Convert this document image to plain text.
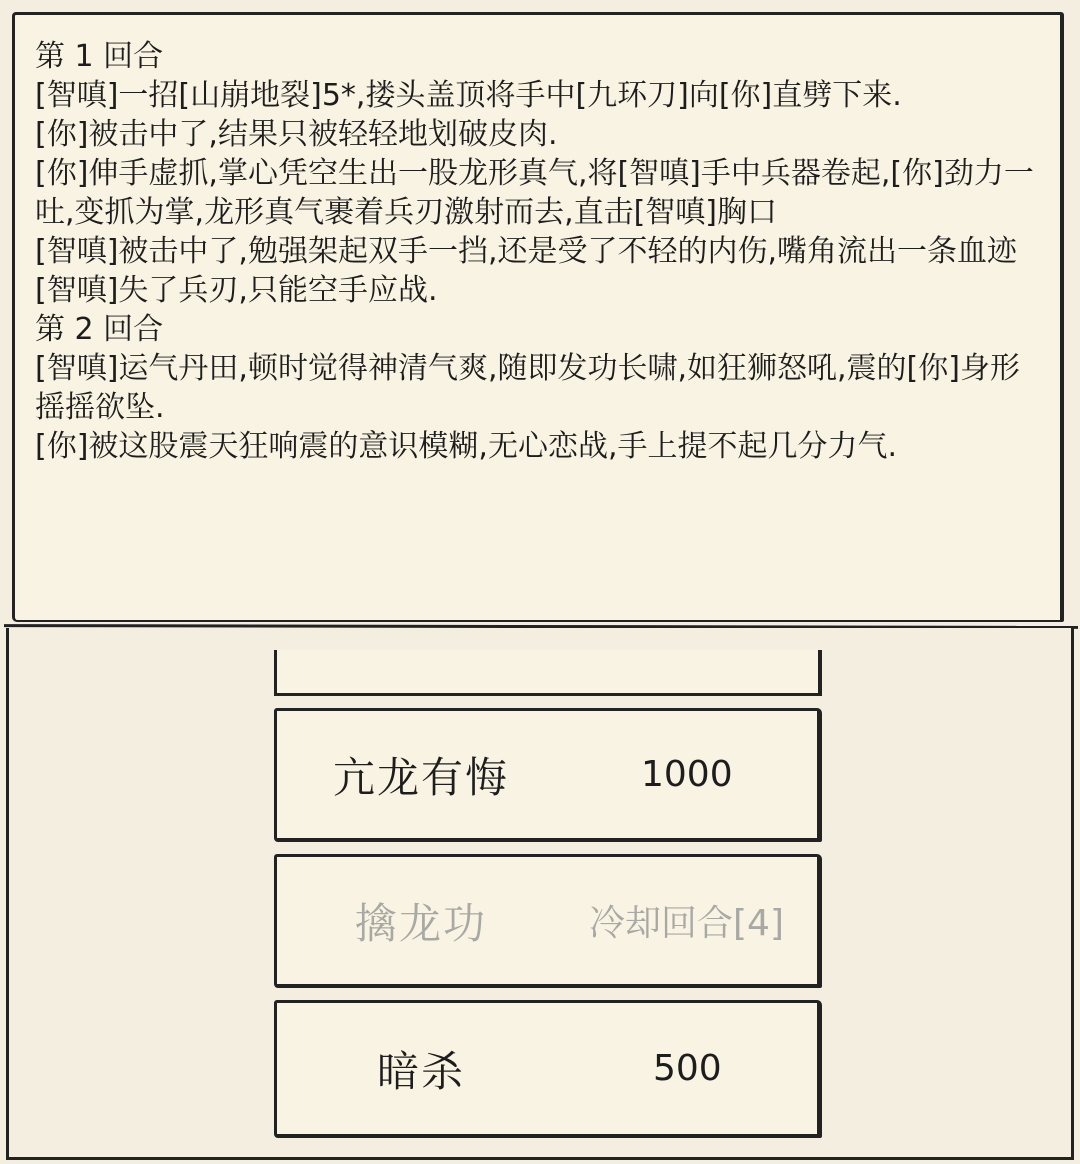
第 1 回合
[智嗔]一招[山崩地裂]5*,搂头盖顶将手中[九环刀]向[你]直劈下来.
[你]被击中了,结果只被轻轻地划破皮肉.
[你]伸手虚抓,掌心凭空生出一股龙形真气,将[智嗔]手中兵器卷起,[你]劲力一吐,变抓为掌,龙形真气裹着兵刃激射而去,直击[智嗔]胸口
[智嗔]被击中了,勉强架起双手一挡,还是受了不轻的内伤,嘴角流出一条血迹
[智嗔]失了兵刃,只能空手应战.
第 2 回合
[智嗔]运气丹田,顿时觉得神清气爽,随即发功长啸,如狂狮怒吼,震的[你]身形摇摇欲坠.
[你]被这股震天狂响震的意识模糊,无心恋战,手上提不起几分力气.
亢龙有悔	1000
擒龙功	冷却回合[4]
暗杀	500
